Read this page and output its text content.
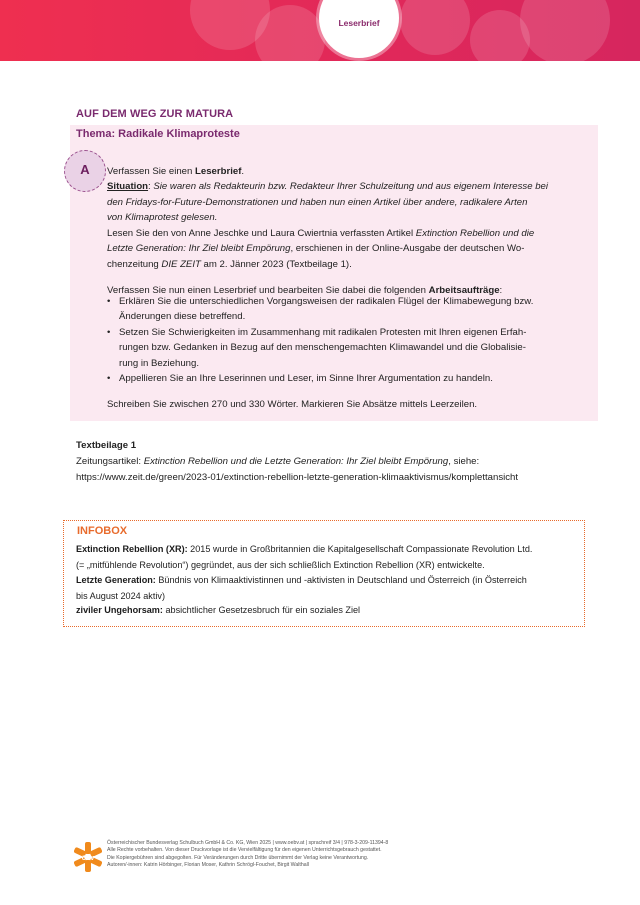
Leserbrief
AUF DEM WEG ZUR MATURA
Thema: Radikale Klimaproteste
A	Verfassen Sie einen Leserbrief.
Situation: Sie waren als Redakteurin bzw. Redakteur Ihrer Schulzeitung und aus eigenem Interesse bei
den Fridays-for-Future-Demonstrationen und haben nun einen Artikel über andere, radikalere Arten
von Klimaprotest gelesen.
Lesen Sie den von Anne Jeschke und Laura Cwiertnia verfassten Artikel Extinction Rebellion und die
Letzte Generation: Ihr Ziel bleibt Empörung, erschienen in der Online-Ausgabe der deutschen Wo-
chenzeitung DIE ZEIT am 2. Jänner 2023 (Textbeilage 1).
Verfassen Sie nun einen Leserbrief und bearbeiten Sie dabei die folgenden Arbeitsaufträge:
• Erklären Sie die unterschiedlichen Vorgangsweisen der radikalen Flügel der Klimabewegung bzw.
Änderungen diese betreffend.
• Setzen Sie Schwierigkeiten im Zusammenhang mit radikalen Protesten mit Ihren eigenen Erfah-
rungen bzw. Gedanken in Bezug auf den menschengemachten Klimawandel und die Globalisie-
rung in Beziehung.
• Appellieren Sie an Ihre Leserinnen und Leser, im Sinne Ihrer Argumentation zu handeln.
Schreiben Sie zwischen 270 und 330 Wörter. Markieren Sie Absätze mittels Leerzeilen.
Textbeilage 1
Zeitungsartikel: Extinction Rebellion und die Letzte Generation: Ihr Ziel bleibt Empörung, siehe:
https://www.zeit.de/green/2023-01/extinction-rebellion-letzte-generation-klimaaktivismus/komplettansicht
INFOBOX
Extinction Rebellion (XR): 2015 wurde in Großbritannien die Kapitalgesellschaft Compassionate Revolution Ltd.
(= „mitfühlende Revolution“) gegründet, aus der sich schließlich Extinction Rebellion (XR) entwickelte.
Letzte Generation: Bündnis von Klimaaktivistinnen und -aktivisten in Deutschland und Österreich (in Österreich
bis August 2024 aktiv)
ziviler Ungehorsam: absichtlicher Gesetzesbruch für ein soziales Ziel
öbv
Österreichischer Bundesverlag Schulbuch GmbH & Co. KG, Wien 2025 | www.oebv.at | sprachreif 3/4 | 978-3-209-11394-8
Alle Rechte vorbehalten. Von dieser Druckvorlage ist die Vervielfältigung für den eigenen Unterrichtsgebrauch gestattet.
Die Kopiergebühren sind abgegolten. Für Veränderungen durch Dritte übernimmt der Verlag keine Verantwortung.
Autoren/-innen: Katrin Hörbinger, Florian Moser, Kathrin Schrögl-Fouchet, Birgit Walthall
